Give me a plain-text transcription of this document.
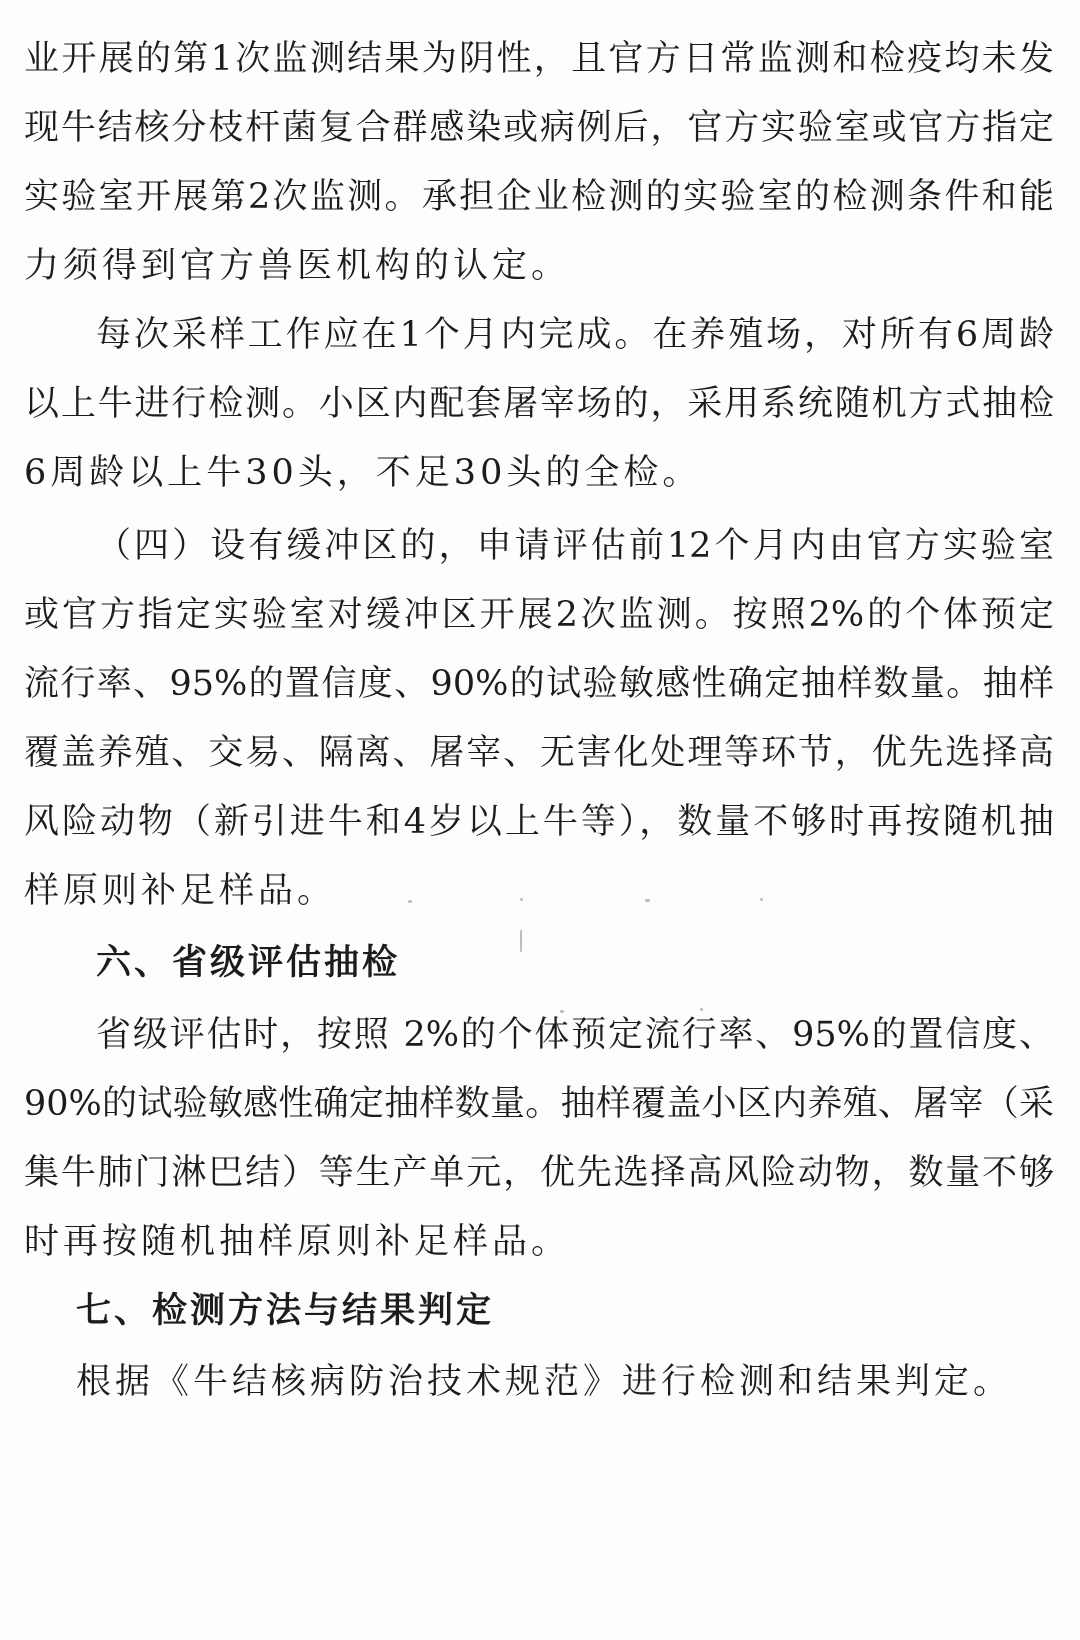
业开展的第1次监测结果为阴性，且官方日常监测和检疫均未发
现牛结核分枝杆菌复合群感染或病例后，官方实验室或官方指定
实验室开展第2次监测。承担企业检测的实验室的检测条件和能
力须得到官方兽医机构的认定。
每次采样工作应在1个月内完成。在养殖场，对所有6周龄
以上牛进行检测。小区内配套屠宰场的，采用系统随机方式抽检
6周龄以上牛30头，不足30头的全检。
（四）设有缓冲区的，申请评估前12个月内由官方实验室
或官方指定实验室对缓冲区开展2次监测。按照2%的个体预定
流行率、95%的置信度、90%的试验敏感性确定抽样数量。抽样
覆盖养殖、交易、隔离、屠宰、无害化处理等环节，优先选择高
风险动物（新引进牛和4岁以上牛等），数量不够时再按随机抽
样原则补足样品。
六、省级评估抽检
省级评估时，按照 2%的个体预定流行率、95%的置信度、
90%的试验敏感性确定抽样数量。抽样覆盖小区内养殖、屠宰（采
集牛肺门淋巴结）等生产单元，优先选择高风险动物，数量不够
时再按随机抽样原则补足样品。
七、检测方法与结果判定
根据《牛结核病防治技术规范》进行检测和结果判定。
